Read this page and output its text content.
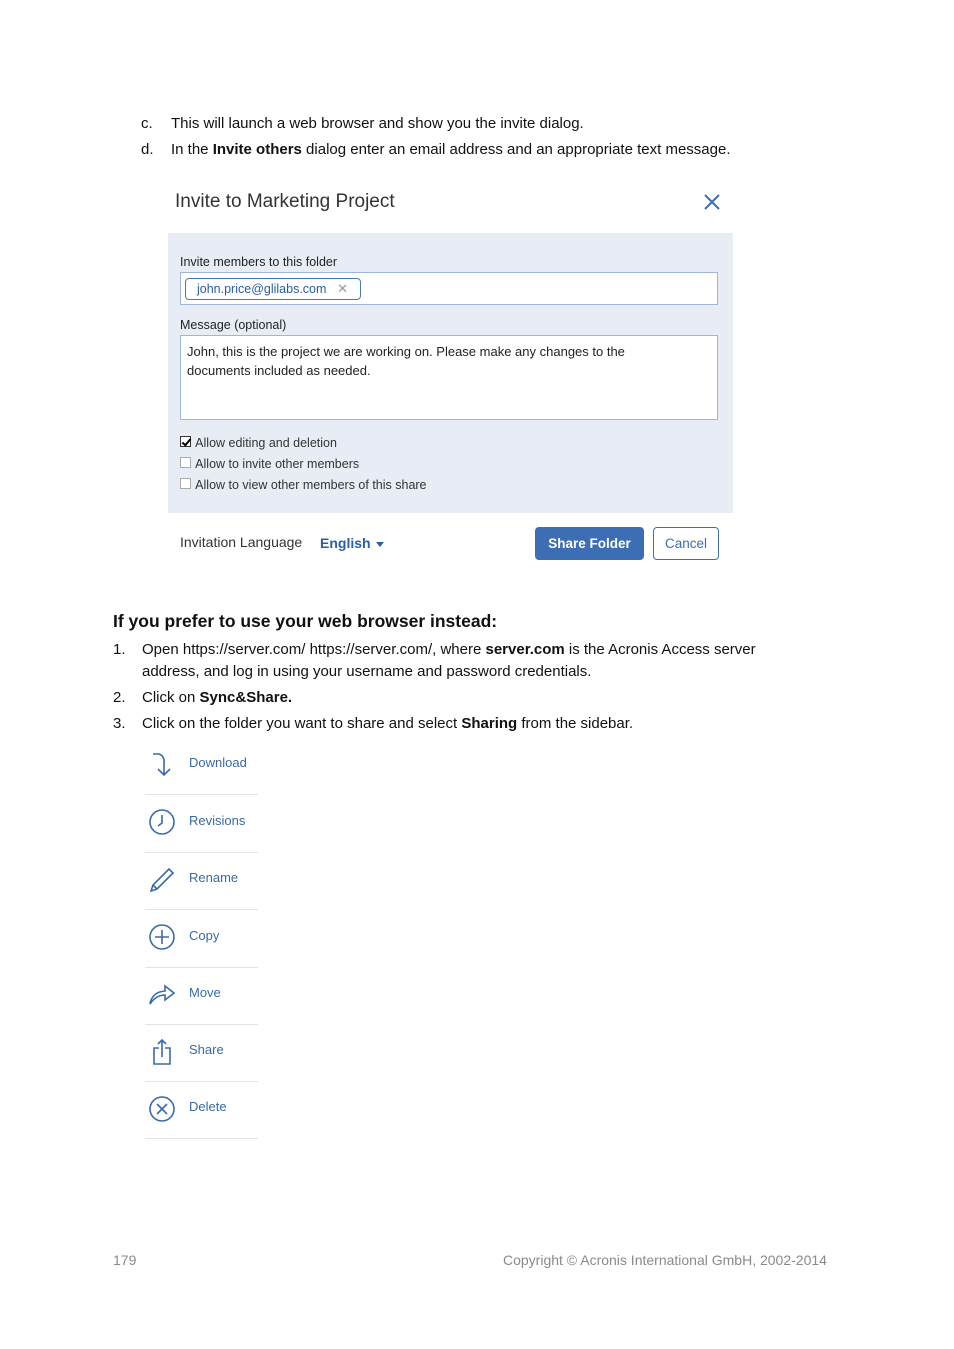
c. This will launch a web browser and show you the invite dialog.
d. In the Invite others dialog enter an email address and an appropriate text message.
Invite to Marketing Project
Invite members to this folder
john.price@glilabs.com ✕
Message (optional)
John, this is the project we are working on. Please make any changes to the
documents included as needed.
Allow editing and deletion
Allow to invite other members
Allow to view other members of this share
Invitation Language English	Share Folder	Cancel
If you prefer to use your web browser instead:
1. Open https://server.com/ https://server.com/, where server.com is the Acronis Access server
address, and log in using your username and password credentials.
2. Click on Sync&Share.
3. Click on the folder you want to share and select Sharing from the sidebar.
Download
Revisions
Rename
Copy
Move
Share
Delete
179	Copyright © Acronis International GmbH, 2002-2014
